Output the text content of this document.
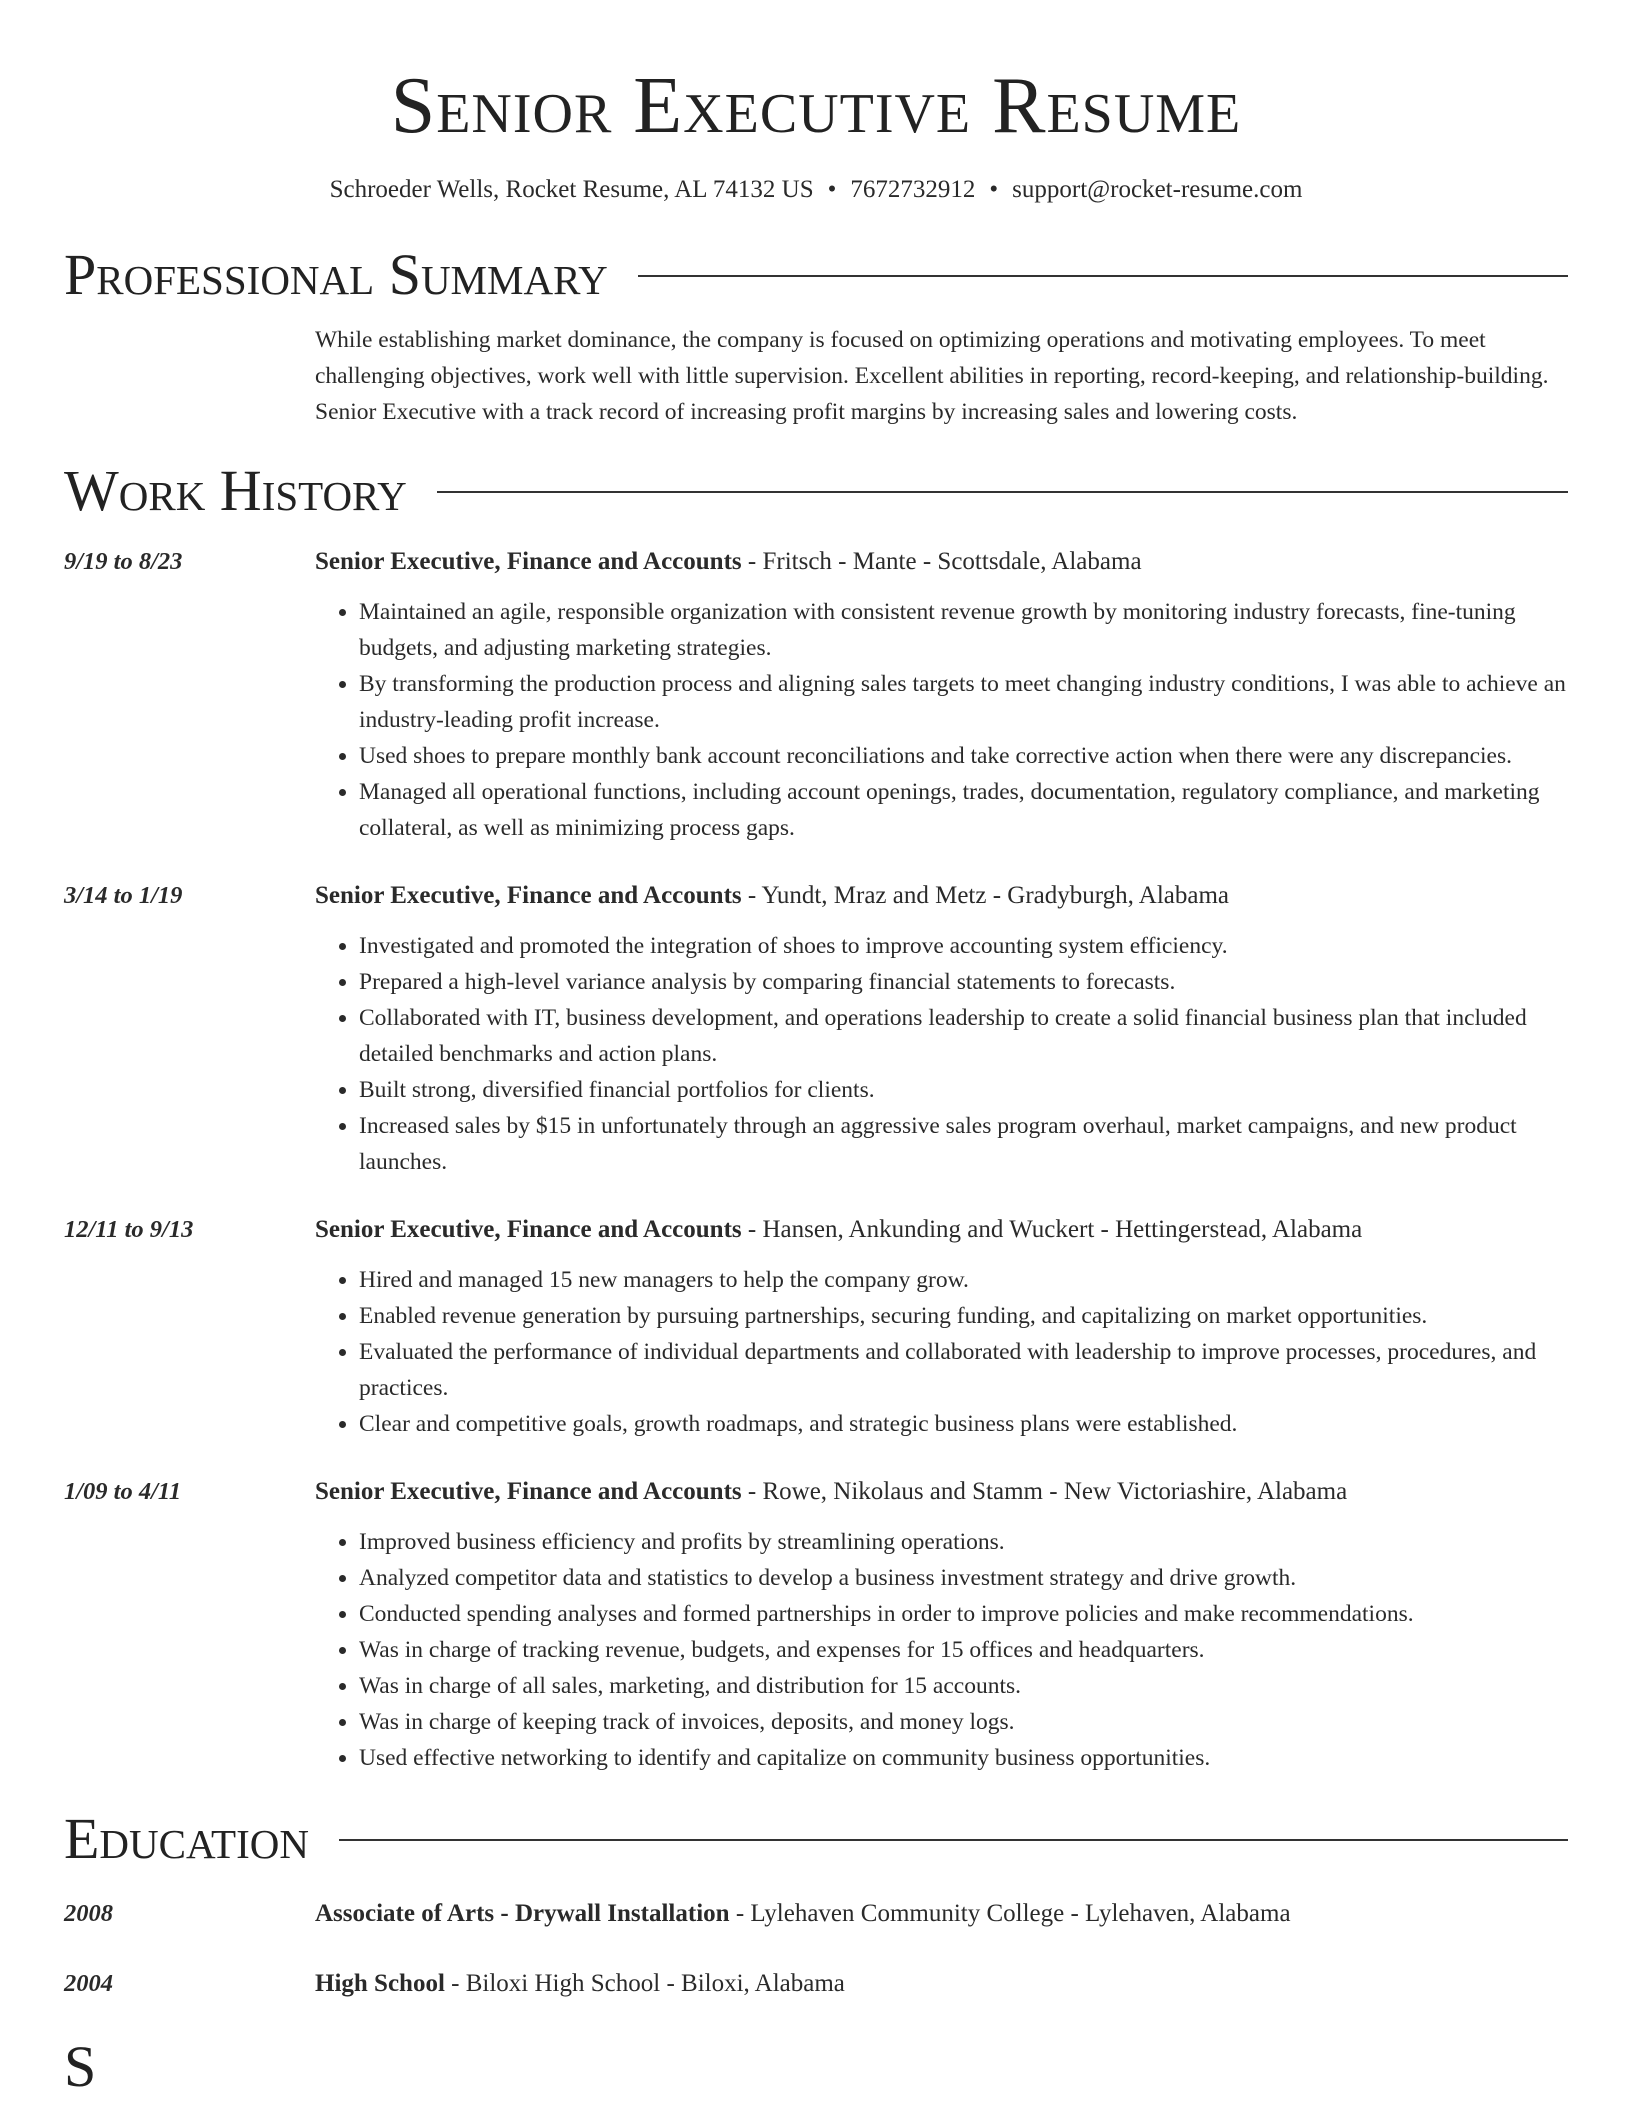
Senior Executive Resume
Schroeder Wells, Rocket Resume, AL 74132 US • 7672732912 • support@rocket-resume.com
Professional Summary
While establishing market dominance, the company is focused on optimizing operations and motivating employees. To meet challenging objectives, work well with little supervision. Excellent abilities in reporting, record-keeping, and relationship-building. Senior Executive with a track record of increasing profit margins by increasing sales and lowering costs.
Work History
9/19 to 8/23	Senior Executive, Finance and Accounts - Fritsch - Mante - Scottsdale, Alabama
• Maintained an agile, responsible organization with consistent revenue growth by monitoring industry forecasts, fine-tuning budgets, and adjusting marketing strategies.
• By transforming the production process and aligning sales targets to meet changing industry conditions, I was able to achieve an industry-leading profit increase.
• Used shoes to prepare monthly bank account reconciliations and take corrective action when there were any discrepancies.
• Managed all operational functions, including account openings, trades, documentation, regulatory compliance, and marketing collateral, as well as minimizing process gaps.
3/14 to 1/19	Senior Executive, Finance and Accounts - Yundt, Mraz and Metz - Gradyburgh, Alabama
• Investigated and promoted the integration of shoes to improve accounting system efficiency.
• Prepared a high-level variance analysis by comparing financial statements to forecasts.
• Collaborated with IT, business development, and operations leadership to create a solid financial business plan that included detailed benchmarks and action plans.
• Built strong, diversified financial portfolios for clients.
• Increased sales by $15 in unfortunately through an aggressive sales program overhaul, market campaigns, and new product launches.
12/11 to 9/13	Senior Executive, Finance and Accounts - Hansen, Ankunding and Wuckert - Hettingerstead, Alabama
• Hired and managed 15 new managers to help the company grow.
• Enabled revenue generation by pursuing partnerships, securing funding, and capitalizing on market opportunities.
• Evaluated the performance of individual departments and collaborated with leadership to improve processes, procedures, and practices.
• Clear and competitive goals, growth roadmaps, and strategic business plans were established.
1/09 to 4/11	Senior Executive, Finance and Accounts - Rowe, Nikolaus and Stamm - New Victoriashire, Alabama
• Improved business efficiency and profits by streamlining operations.
• Analyzed competitor data and statistics to develop a business investment strategy and drive growth.
• Conducted spending analyses and formed partnerships in order to improve policies and make recommendations.
• Was in charge of tracking revenue, budgets, and expenses for 15 offices and headquarters.
• Was in charge of all sales, marketing, and distribution for 15 accounts.
• Was in charge of keeping track of invoices, deposits, and money logs.
• Used effective networking to identify and capitalize on community business opportunities.
Education
2008	Associate of Arts - Drywall Installation - Lylehaven Community College - Lylehaven, Alabama
2004	High School - Biloxi High School - Biloxi, Alabama
S
